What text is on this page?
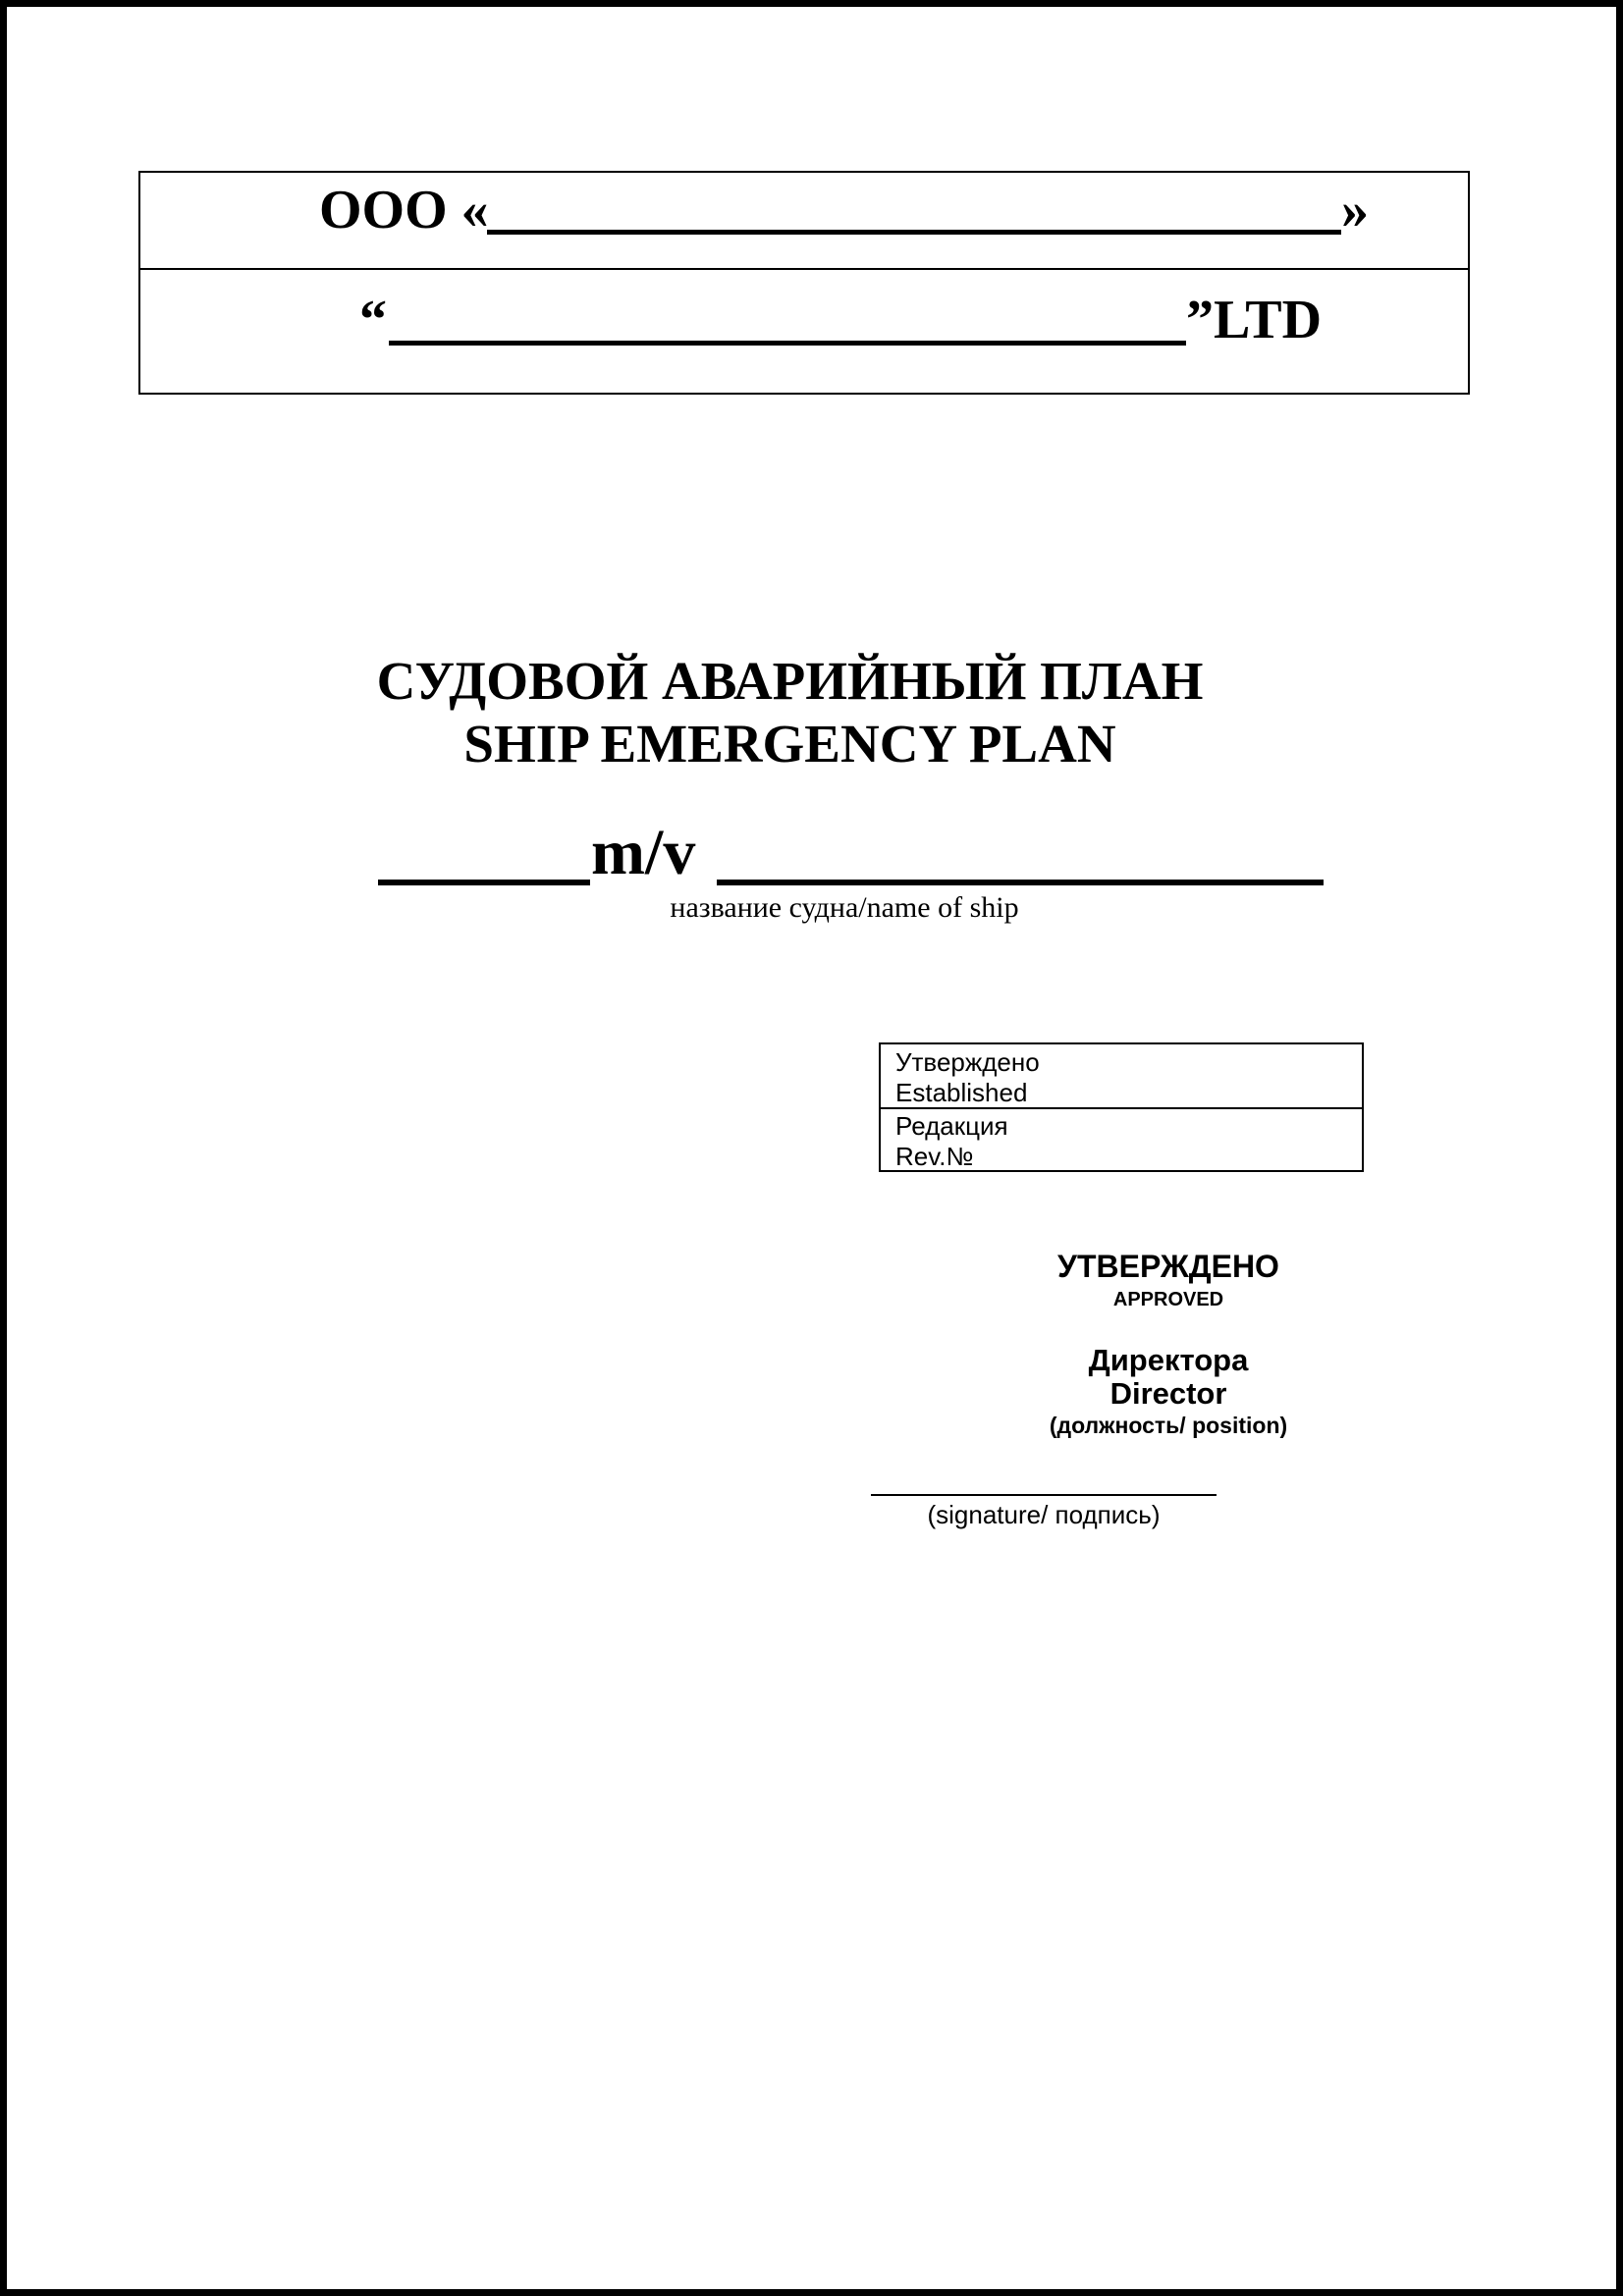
ООО «	»
“	”LTD
СУДОВОЙ АВАРИЙНЫЙ ПЛАН
SHIP EMERGENCY PLAN
m/v
название судна/name of ship
Утверждено
Established
Редакция
Rev.№
УТВЕРЖДЕНО
APPROVED
Директора
Director
(должность/ position)
(signature/ подпись)
